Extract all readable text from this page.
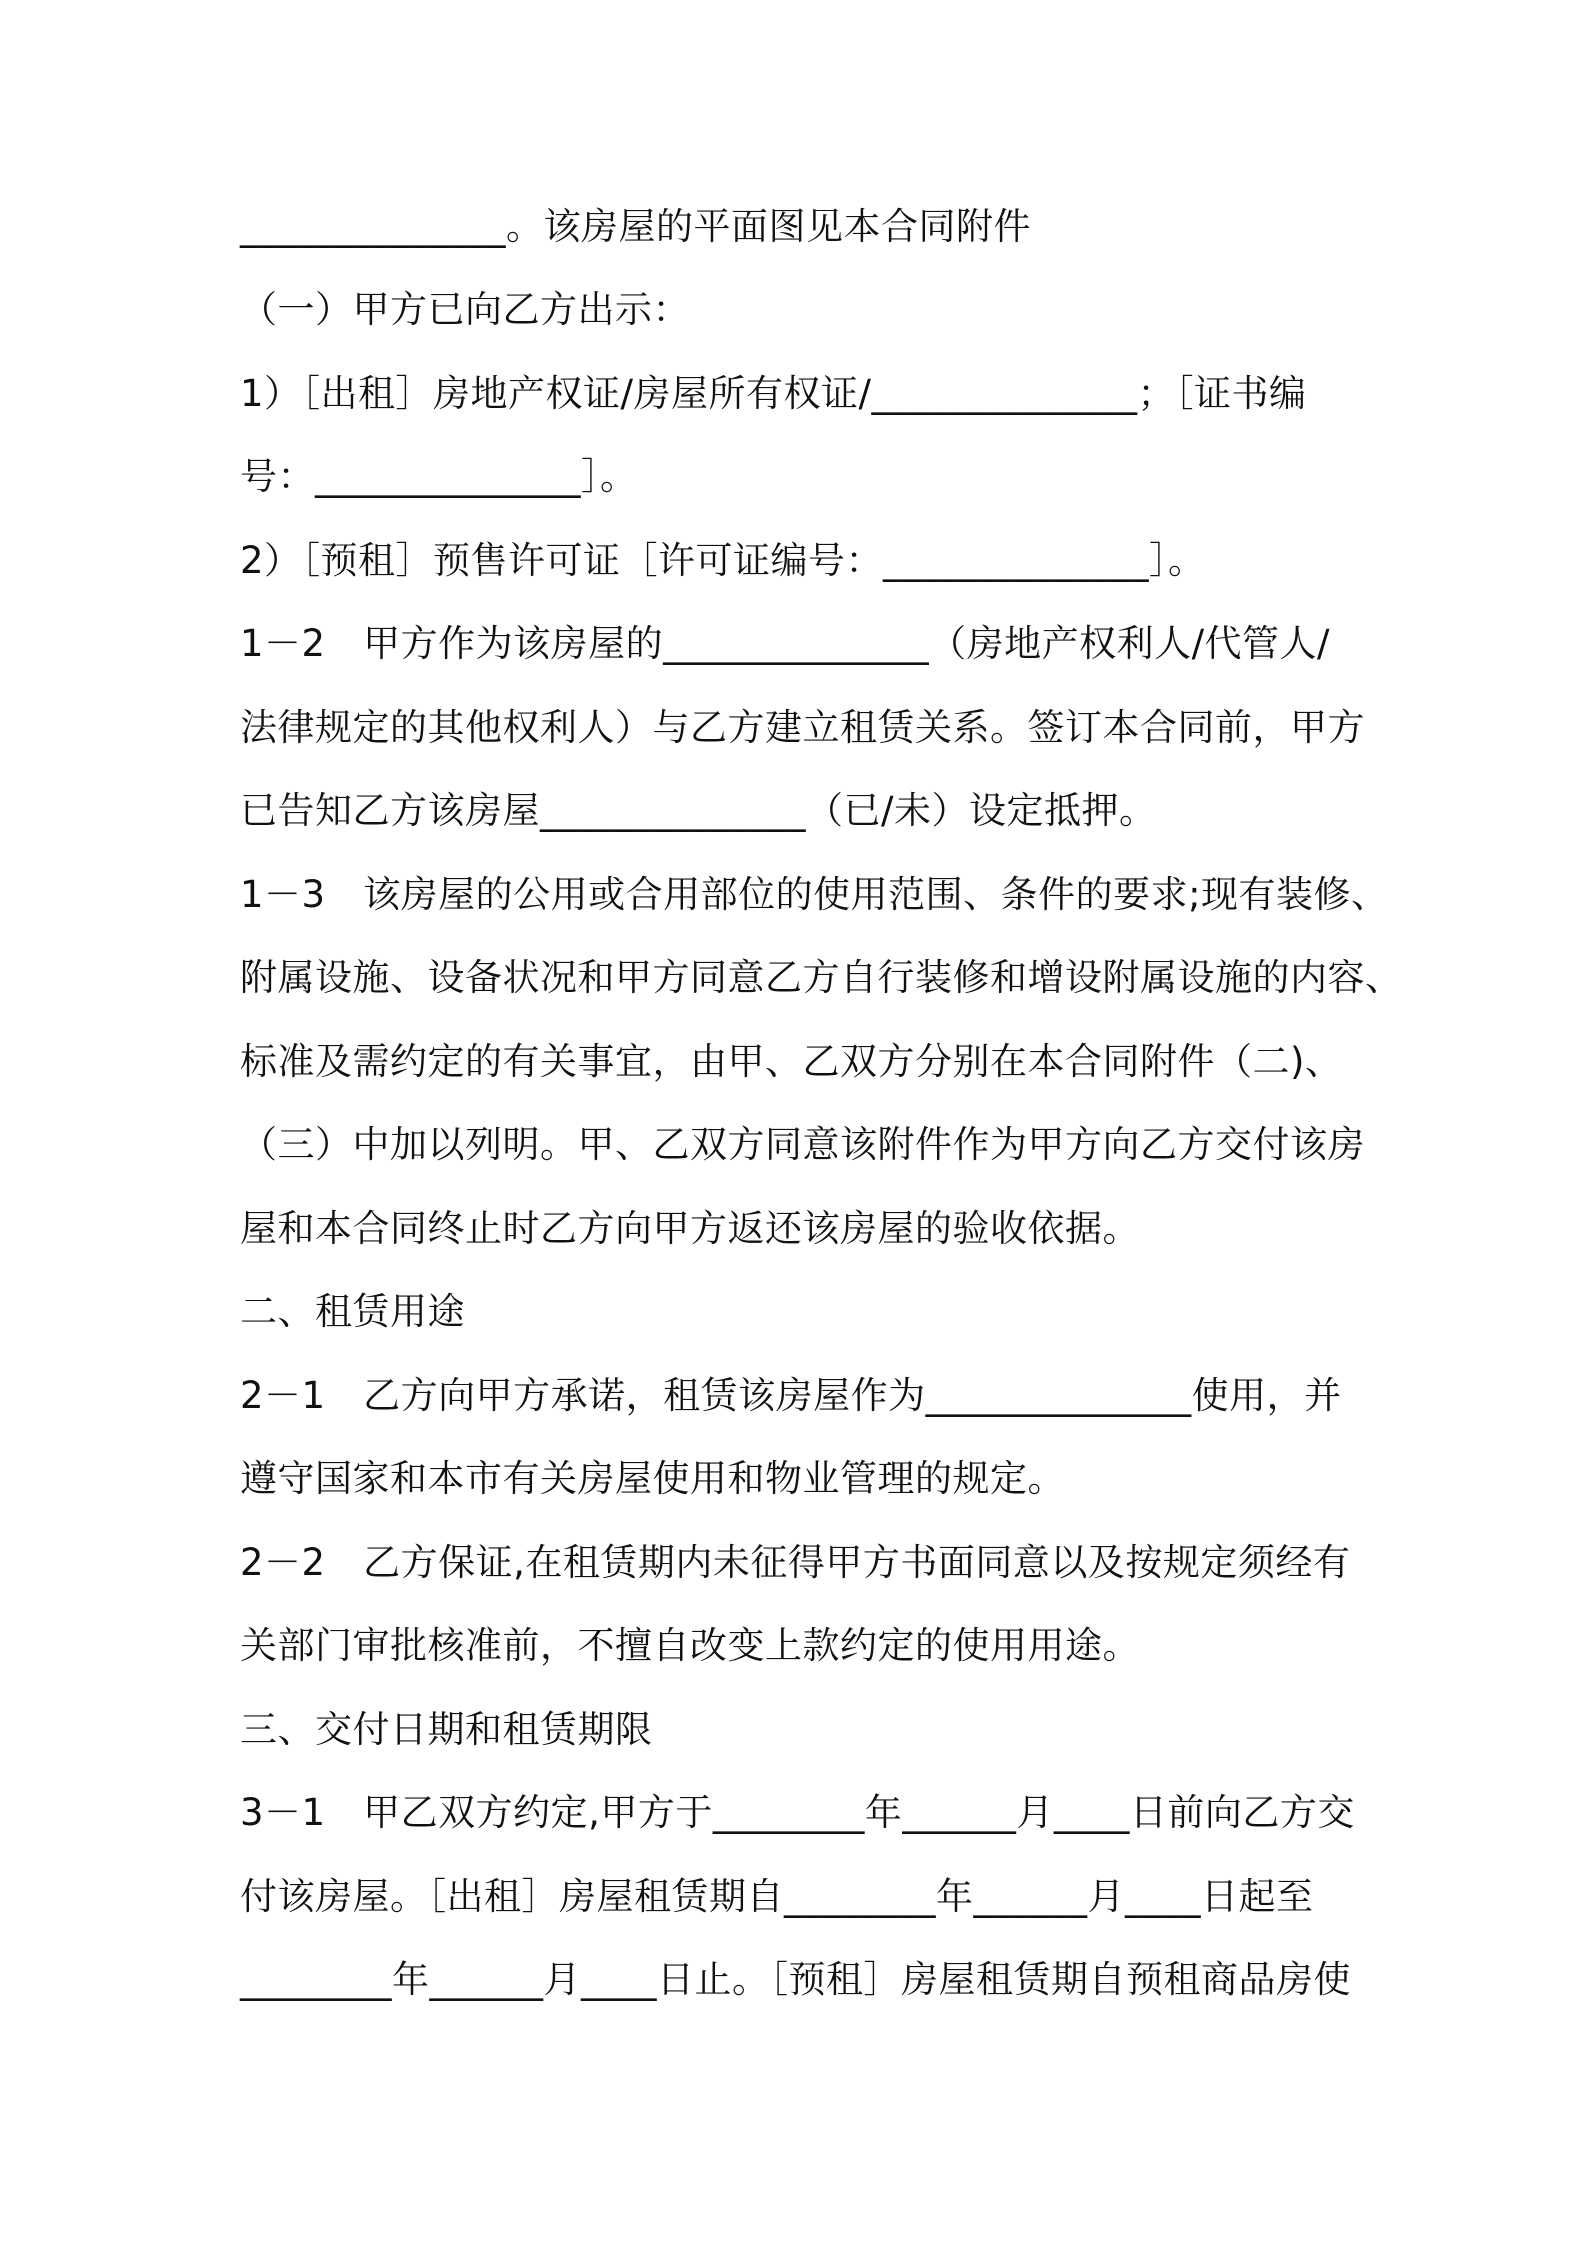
______________。该房屋的平面图见本合同附件
（一）甲方已向乙方出示：
1）［出租］房地产权证/房屋所有权证/______________；［证书编
号：______________］。
2）［预租］预售许可证［许可证编号：______________］。
1－2　甲方作为该房屋的______________（房地产权利人/代管人/
法律规定的其他权利人）与乙方建立租赁关系。签订本合同前，甲方
已告知乙方该房屋______________（已/未）设定抵押。
1－3　该房屋的公用或合用部位的使用范围、条件的要求;现有装修、
附属设施、设备状况和甲方同意乙方自行装修和增设附属设施的内容、
标准及需约定的有关事宜，由甲、乙双方分别在本合同附件（二)、
（三）中加以列明。甲、乙双方同意该附件作为甲方向乙方交付该房
屋和本合同终止时乙方向甲方返还该房屋的验收依据。
二、租赁用途
2－1　乙方向甲方承诺，租赁该房屋作为______________使用，并
遵守国家和本市有关房屋使用和物业管理的规定。
2－2　乙方保证,在租赁期内未征得甲方书面同意以及按规定须经有
关部门审批核准前，不擅自改变上款约定的使用用途。
三、交付日期和租赁期限
3－1　甲乙双方约定,甲方于________年______月____日前向乙方交
付该房屋。［出租］房屋租赁期自________年______月____日起至
________年______月____日止。［预租］房屋租赁期自预租商品房使
